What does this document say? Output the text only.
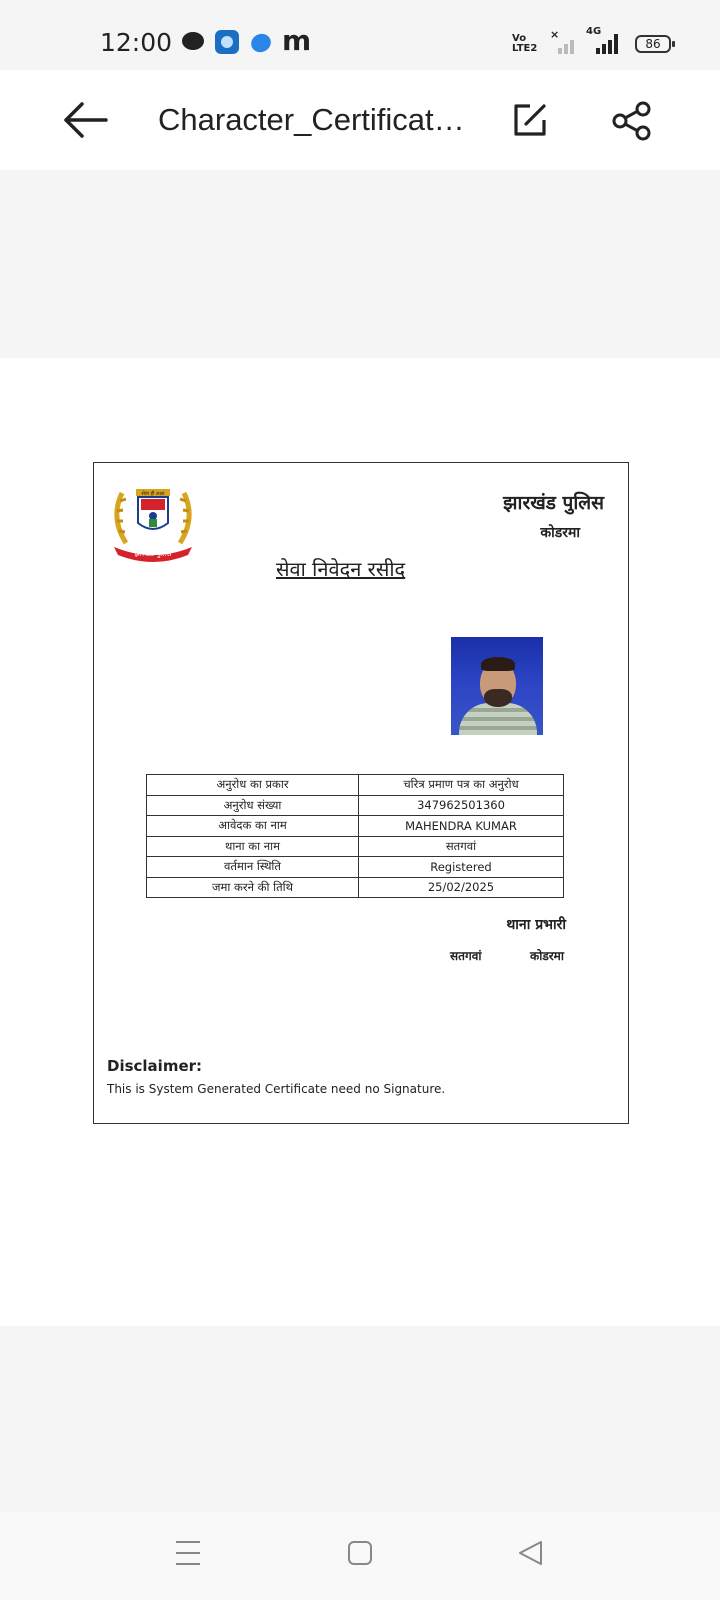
12:00	m	Vo
LTE2
×	4G
86
Character_Certificat…
सेवा ही लक्ष्य
झारखंड पुलिस
झारखंड पुलिस
कोडरमा
सेवा निवेदन रसीद
अनुरोध का प्रकार	चरित्र प्रमाण पत्र का अनुरोध
अनुरोध संख्या	347962501360
आवेदक का नाम	MAHENDRA KUMAR
थाना का नाम	सतगवां
वर्तमान स्थिति	Registered
जमा करने की तिथि	25/02/2025
थाना प्रभारी
सतगवां	कोडरमा
Disclaimer:
This is System Generated Certificate need no Signature.
